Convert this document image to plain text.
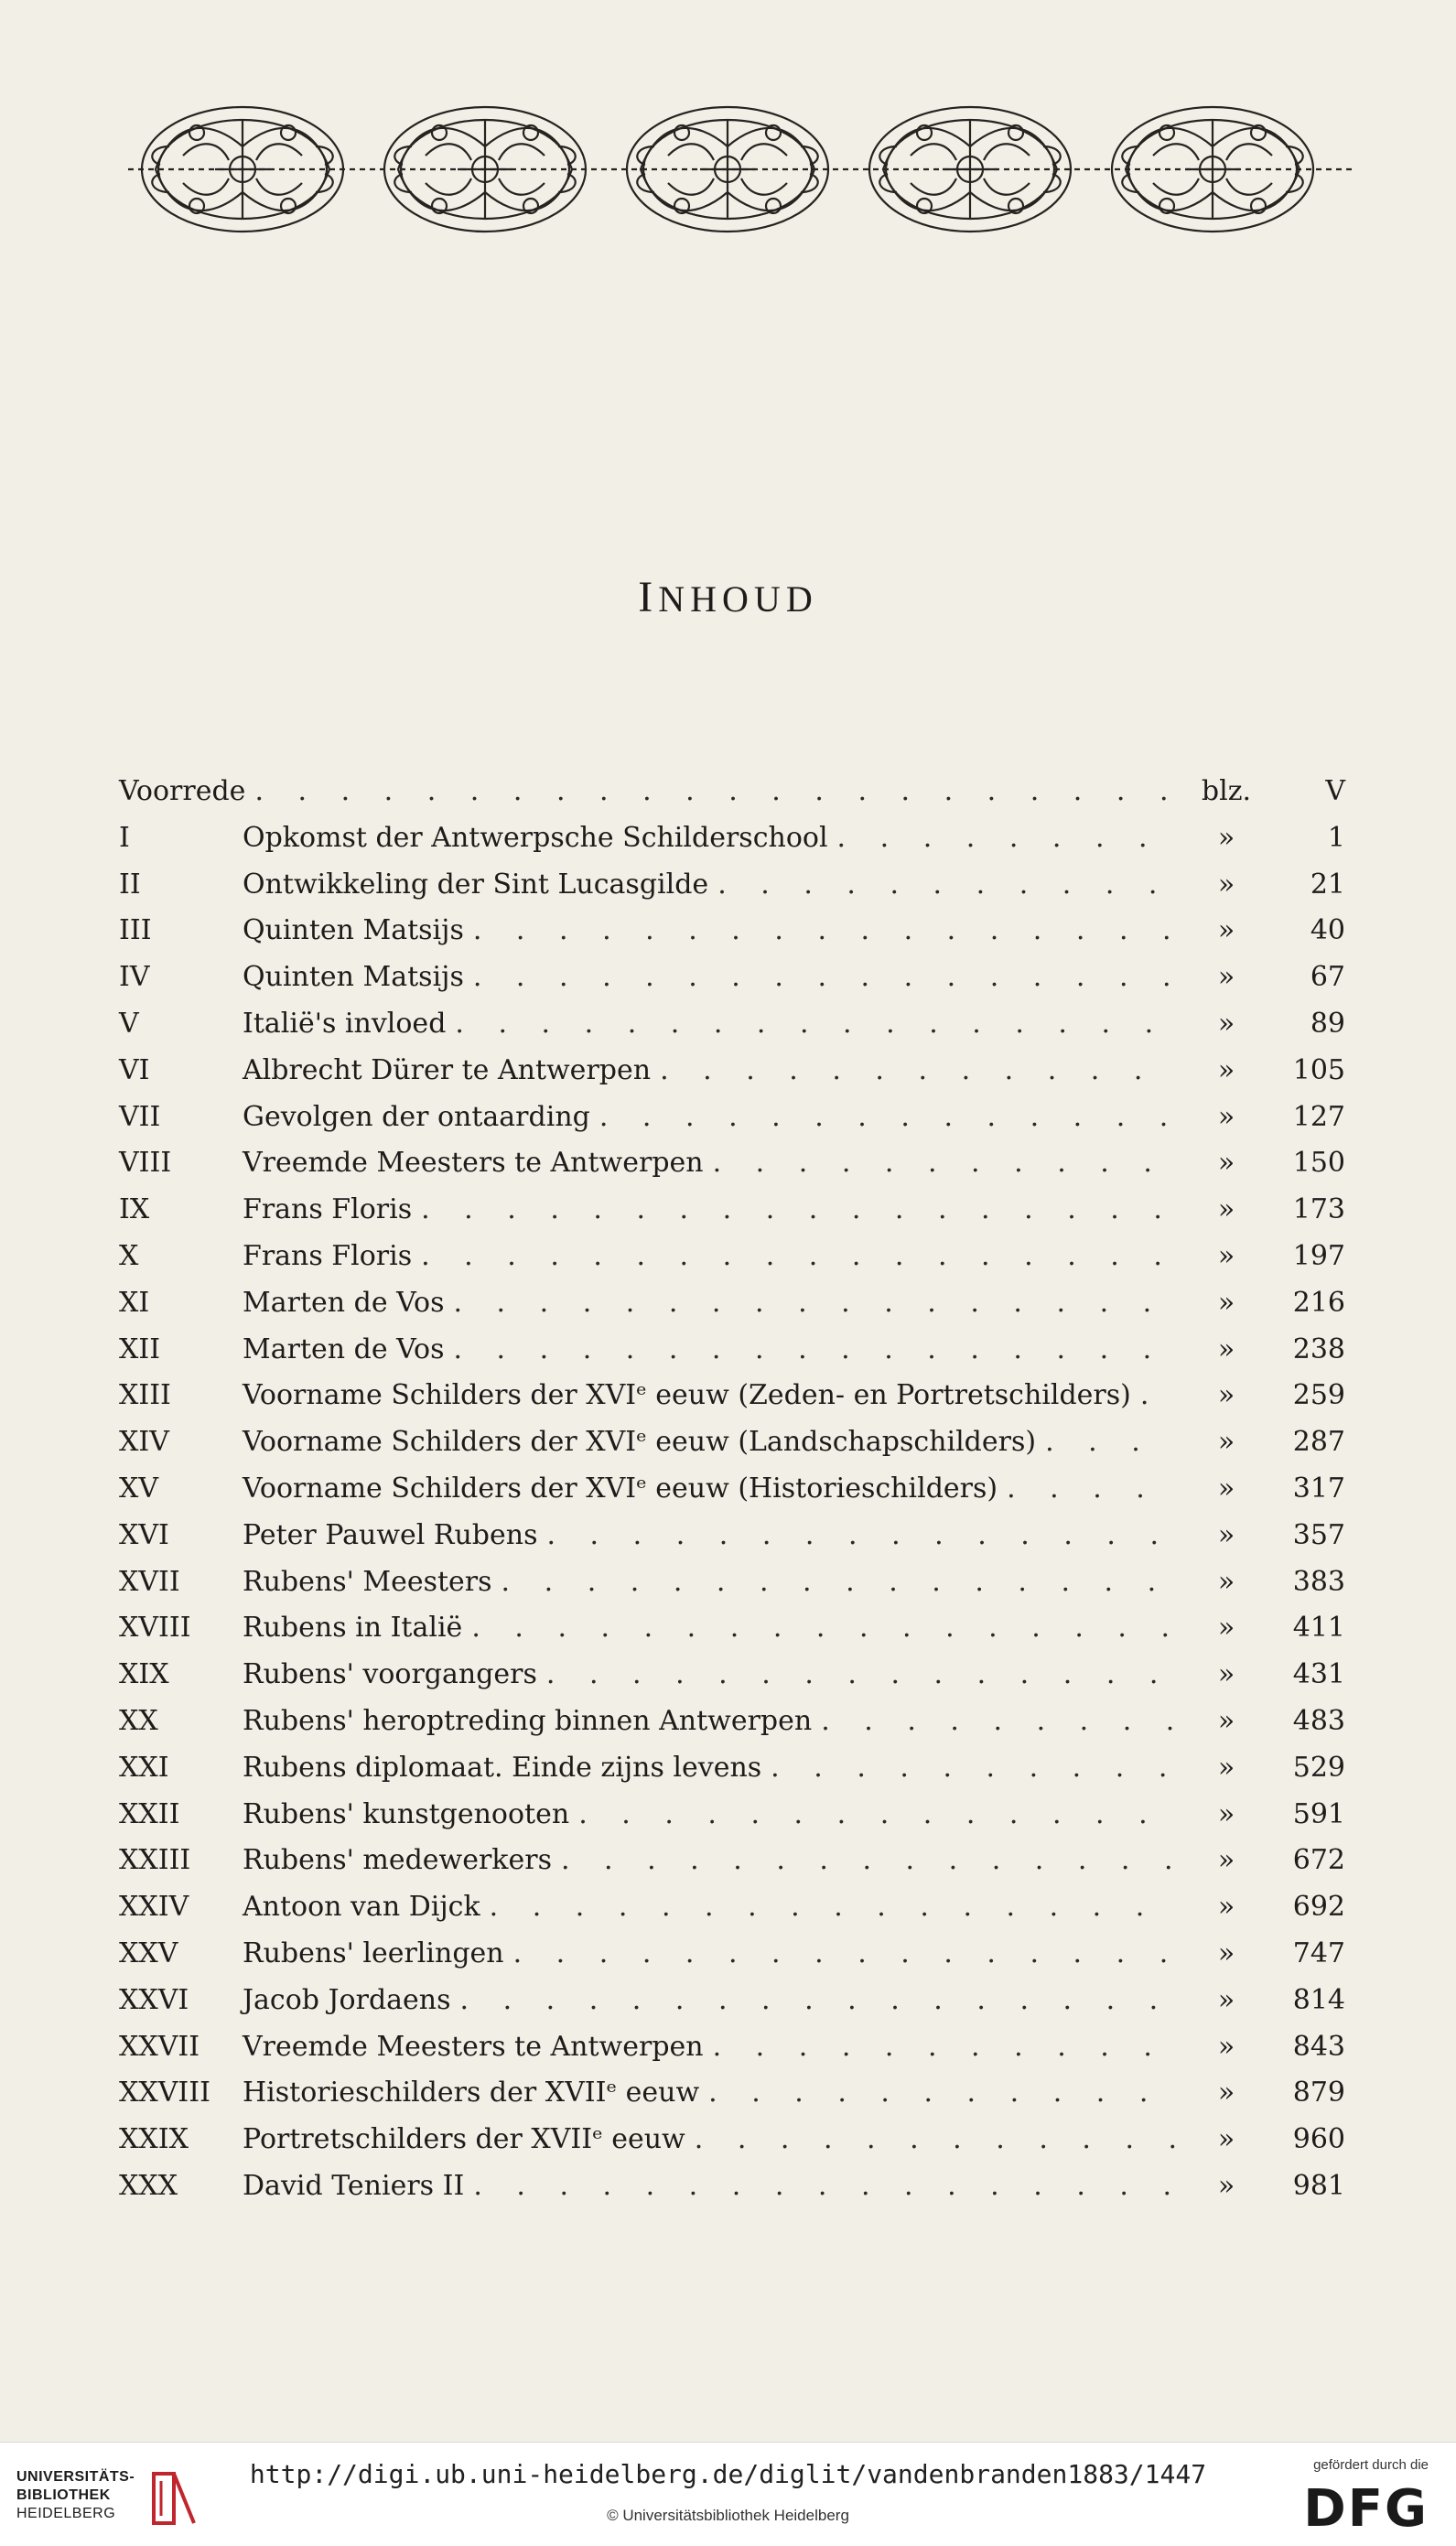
INHOUD
Voorrede . . .	blz.	V
I	Opkomst der Antwerpsche Schilderschool . . .	»	1
II	Ontwikkeling der Sint Lucasgilde . . .	»	21
III	Quinten Matsijs . . .	»	40
IV	Quinten Matsijs . . .	»	67
V	Italië's invloed . . .	»	89
VI	Albrecht Dürer te Antwerpen . . .	»	105
VII	Gevolgen der ontaarding . . .	»	127
VIII	Vreemde Meesters te Antwerpen . . .	»	150
IX	Frans Floris . . .	»	173
X	Frans Floris . . .	»	197
XI	Marten de Vos . . .	»	216
XII	Marten de Vos . . .	»	238
XIII	Voorname Schilders der XVIᵉ eeuw (Zeden- en Portretschilders) . . .	»	259
XIV	Voorname Schilders der XVIᵉ eeuw (Landschapschilders) . . .	»	287
XV	Voorname Schilders der XVIᵉ eeuw (Historieschilders) . . .	»	317
XVI	Peter Pauwel Rubens . . .	»	357
XVII	Rubens' Meesters . . .	»	383
XVIII	Rubens in Italië . . .	»	411
XIX	Rubens' voorgangers . . .	»	431
XX	Rubens' heroptreding binnen Antwerpen . . .	»	483
XXI	Rubens diplomaat. Einde zijns levens . . .	»	529
XXII	Rubens' kunstgenooten . . .	»	591
XXIII	Rubens' medewerkers . . .	»	672
XXIV	Antoon van Dijck . . .	»	692
XXV	Rubens' leerlingen . . .	»	747
XXVI	Jacob Jordaens . . .	»	814
XXVII	Vreemde Meesters te Antwerpen . . .	»	843
XXVIII	Historieschilders der XVIIᵉ eeuw . . .	»	879
XXIX	Portretschilders der XVIIᵉ eeuw . . .	»	960
XXX	David Teniers II . . .	»	981
UNIVERSITÄTS-
BIBLIOTHEK
HEIDELBERG
http://digi.ub.uni-heidelberg.de/diglit/vandenbranden1883/1447
© Universitätsbibliothek Heidelberg
gefördert durch die
DFG
